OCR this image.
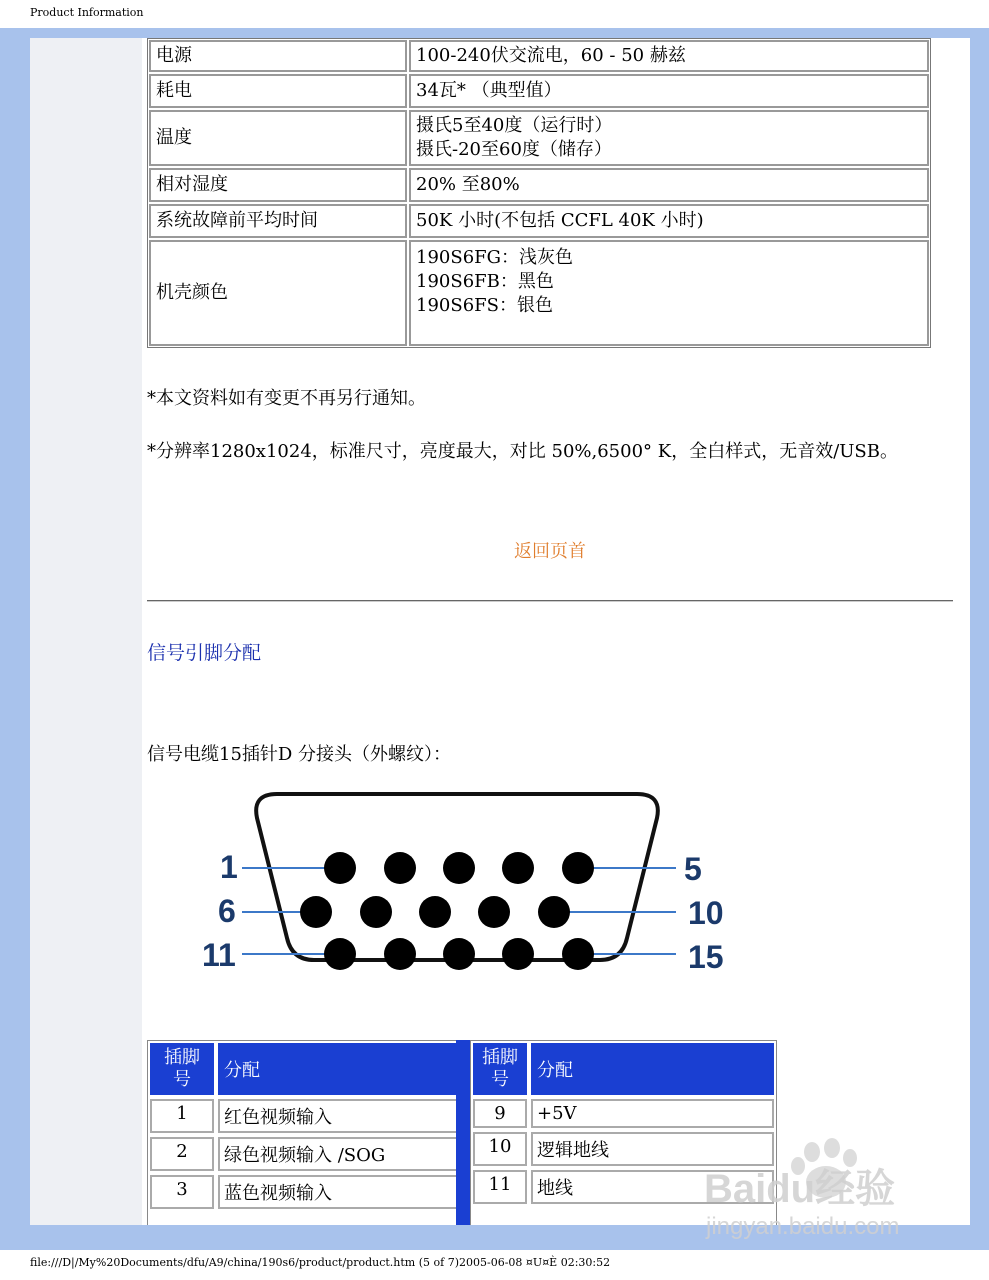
Product Information
电源	100-240伏交流电，60 - 50 赫兹
耗电	34瓦* （典型值）
温度
摄氏5至40度（运行时）
摄氏-20至60度（储存）
相对湿度	20% 至80%
系统故障前平均时间	50K 小时(不包括 CCFL 40K 小时)
机壳颜色
190S6FG：浅灰色
190S6FB：黑色
190S6FS：银色
*本文资料如有变更不再另行通知。
*分辨率1280x1024，标准尺寸，亮度最大，对比 50%,6500° K，全白样式，无音效/USB。
返回页首
信号引脚分配
信号电缆15插针D 分接头（外螺纹）：
1
6
11
5
10
15
插脚号	分配
1	红色视频输入
2	绿色视频输入 /SOG
3	蓝色视频输入
插脚号	分配
9	+5V
10	逻辑地线
11	地线	Baidu经验
jingyan.baidu.com
file:///D|/My%20Documents/dfu/A9/china/190s6/product/product.htm (5 of 7)2005-06-08 ¤U¤È 02:30:52
